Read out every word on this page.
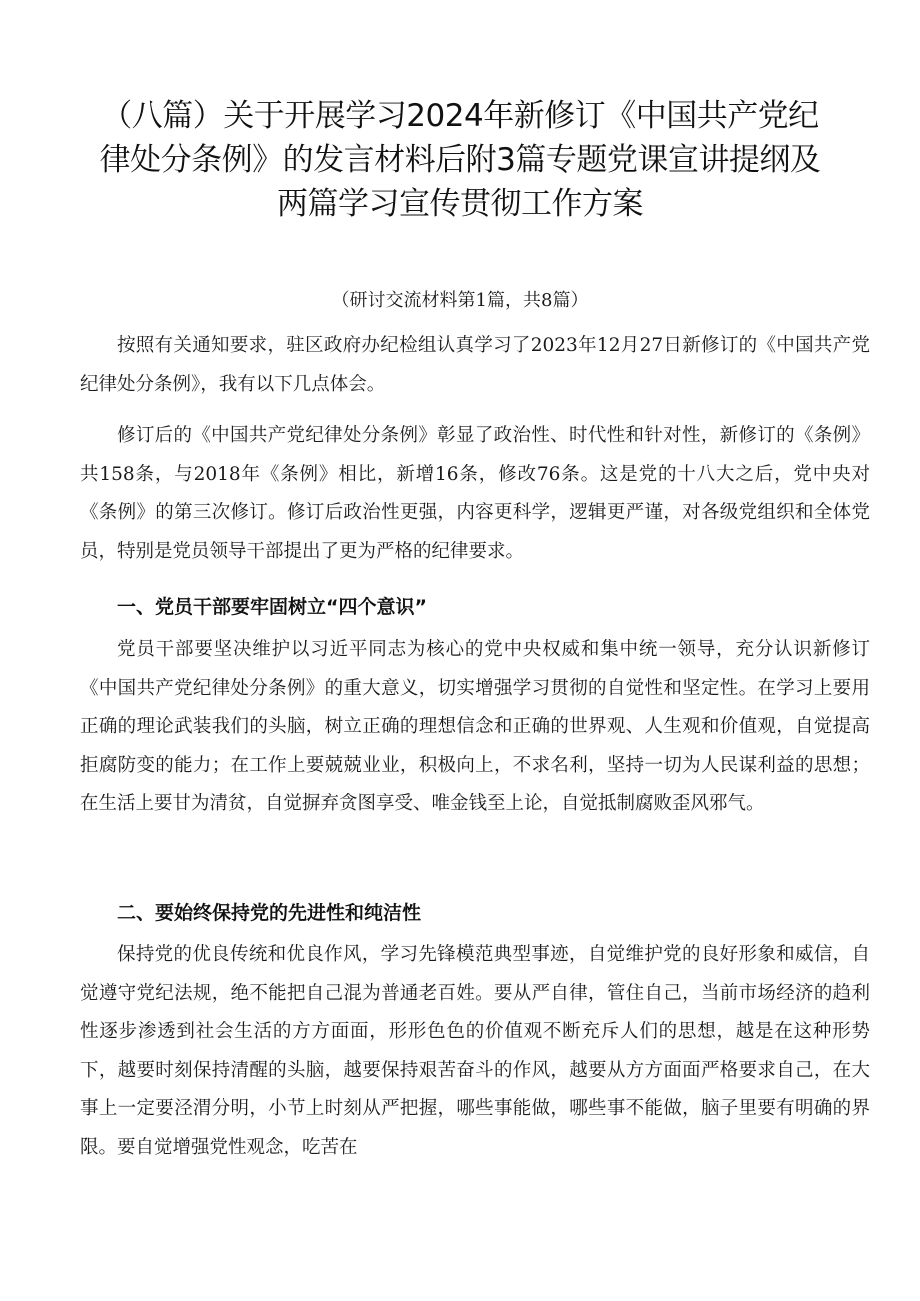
（八篇）关于开展学习2024年新修订《中国共产党纪
律处分条例》的发言材料后附3篇专题党课宣讲提纲及
两篇学习宣传贯彻工作方案
（研讨交流材料第1篇，共8篇）

按照有关通知要求，驻区政府办纪检组认真学习了2023年12月27日新修订的《中国共产党纪律处分条例》，我有以下几点体会。

修订后的《中国共产党纪律处分条例》彰显了政治性、时代性和针对性，新修订的《条例》共158条，与2018年《条例》相比，新增16条，修改76条。这是党的十八大之后，党中央对《条例》的第三次修订。修订后政治性更强，内容更科学，逻辑更严谨，对各级党组织和全体党员，特别是党员领导干部提出了更为严格的纪律要求。

一、党员干部要牢固树立“四个意识”

党员干部要坚决维护以习近平同志为核心的党中央权威和集中统一领导，充分认识新修订《中国共产党纪律处分条例》的重大意义，切实增强学习贯彻的自觉性和坚定性。在学习上要用正确的理论武装我们的头脑，树立正确的理想信念和正确的世界观、人生观和价值观，自觉提高拒腐防变的能力；在工作上要兢兢业业，积极向上，不求名利，坚持一切为人民谋利益的思想；在生活上要甘为清贫，自觉摒弃贪图享受、唯金钱至上论，自觉抵制腐败歪风邪气。

二、要始终保持党的先进性和纯洁性

保持党的优良传统和优良作风，学习先锋模范典型事迹，自觉维护党的良好形象和威信，自觉遵守党纪法规，绝不能把自己混为普通老百姓。要从严自律，管住自己，当前市场经济的趋利性逐步渗透到社会生活的方方面面，形形色色的价值观不断充斥人们的思想，越是在这种形势下，越要时刻保持清醒的头脑，越要保持艰苦奋斗的作风，越要从方方面面严格要求自己，在大事上一定要泾渭分明，小节上时刻从严把握，哪些事能做，哪些事不能做，脑子里要有明确的界限。要自觉增强党性观念，吃苦在
